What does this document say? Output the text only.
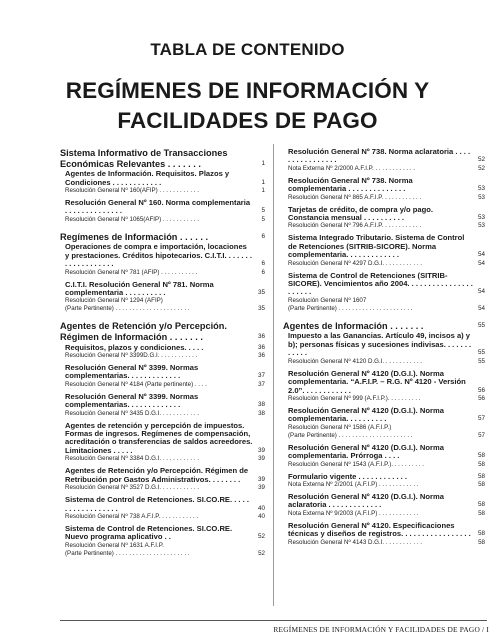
TABLA DE CONTENIDO
REGÍMENES DE INFORMACIÓN Y FACILIDADES DE PAGO
Sistema Informativo de Transacciones Económicas Relevantes . . . . . . .	1
Agentes de Información. Requisitos. Plazos y Condiciones . . . . . . . . . . . .	1
Resolución General Nº 160(AFIP) . . . . . . . . . . . .	1
Resolución General Nº 160. Norma complementaria . . . . . . . . . . . . . .	5
Resolución General Nº 1065(AFIP) . . . . . . . . . . .	5
Regímenes de Información . . . . . .	6
Operaciones de compra e importación, locaciones y prestaciones. Créditos hipotecarios. C.I.T.I. . . . . . . . . . . . . . . . . . .	6
Resolución General Nº 781 (AFIP) . . . . . . . . . . .	6
C.I.T.I. Resolución General Nº 781. Norma complementaria . . . . . . . . . .	35
Resolución General Nº 1294 (AFIP)
(Parte Pertinente) . . . . . . . . . . . . . . . . . . . . . .	35
Agentes de Retención y/o Percepción. Régimen de Información . . . . . . .	36
Requisitos, plazos y condiciones. . . . .	36
Resolución General Nº 3399D.G.I. . . . . . . . . . . .	36
Resolución General Nº 3399. Normas complementarias. . . . . . . . . . . . .	37
Resolución General Nº 4184 (Parte pertinente) . . . .	37
Resolución General Nº 3399. Normas complementarias. . . . . . . . . . . . .	38
Resolución General Nº 3435 D.G.I. . . . . . . . . . . .	38
Agentes de retención y percepción de impuestos. Formas de ingresos. Regímenes de compensación, acreditación o transferencias de saldos acreedores. Limitaciones . . . . .	39
Resolución General Nº 3384 D.G.I. . . . . . . . . . . .	39
Agentes de Retención y/o Percepción. Régimen de Retribución por Gastos Administrativos. . . . . . . .	39
Resolución General Nº 3527 D.G.I. . . . . . . . . . . .	39
Sistema de Control de Retenciones. SI.CO.RE. . . . . . . . . . . . . . . . . .	40
Resolución General Nº 738 A.F.I.P. . . . . . . . . . . .	40
Sistema de Control de Retenciones. SI.CO.RE. Nuevo programa aplicativo . .	52
Resolución General Nº 1631 A.F.I.P.
(Parte Pertinente) . . . . . . . . . . . . . . . . . . . . . .	52
Resolución General Nº 738. Norma aclaratoria . . . . . . . . . . . . . . . .	52
Nota Externa Nº 2/2000 A.F.I.P. . . . . . . . . . . . .	52
Resolución General Nº 738. Norma complementaria . . . . . . . . . . . . . .	53
Resolución General Nº 865 A.F.I.P. . . . . . . . . . . .	53
Tarjetas de crédito, de compra y/o pago. Constancia mensual . . . . . . . . . .	53
Resolución General Nº 796 A.F.I.P. . . . . . . . . . . .	53
Sistema Integrado Tributario. Sistema de Control de Retenciones (SITRIB-SICORE). Norma complementaria. . . . . . . . . . . . .	54
Resolución General Nº 4297 D.G.I. . . . . . . . . . . .	54
Sistema de Control de Retenciones (SITRIB-SICORE). Vencimientos año 2004. . . . . . . . . . . . . . . . . . . . . .	54
Resolución General Nº 1607
(Parte Pertinente) . . . . . . . . . . . . . . . . . . . . . .	54
Agentes de Información . . . . . . .	55
Impuesto a las Ganancias. Artículo 49, incisos a) y b); personas físicas y sucesiones indivisas. . . . . . . . . . . .	55
Resolución General Nº 4120 D.G.I. . . . . . . . . . . .	55
Resolución General Nº 4120 (D.G.I.). Norma complementaria. “A.F.I.P. – R.G. Nº 4120 - Versión 2.0”. . . . . . . . . . . .	56
Resolución General Nº 999 (A.F.I.P.). . . . . . . . . .	56
Resolución General Nº 4120 (D.G.I.). Norma complementaria. . . . . . . . . .	57
Resolución General Nº 1586 (A.F.I.P.)
(Parte Pertinente) . . . . . . . . . . . . . . . . . . . . . .	57
Resolución General Nº 4120 (D.G.I.). Norma complementaria. Prórroga . . . .	58
Resolución General Nº 1543 (A.F.I.P.). . . . . . . . . .	58
Formulario vigente . . . . . . . . . . . .	58
Nota Externa Nº 2/2001 (A.F.I.P) . . . . . . . . . . . .	58
Resolución General Nº 4120 (D.G.I.). Norma aclaratoria . . . . . . . . . . . . .	58
Nota Externa Nº 9/2003 (A.F.I.P) . . . . . . . . . . . .	58
Resolución General Nº 4120. Especificaciones técnicas y diseños de registros. . . . . . . . . . . . . . . . . 58
Resolución General Nº 4143 D.G.I. . . . . . . . . . . .	58
REGÍMENES DE INFORMACIÓN Y FACILIDADES DE PAGO / I
